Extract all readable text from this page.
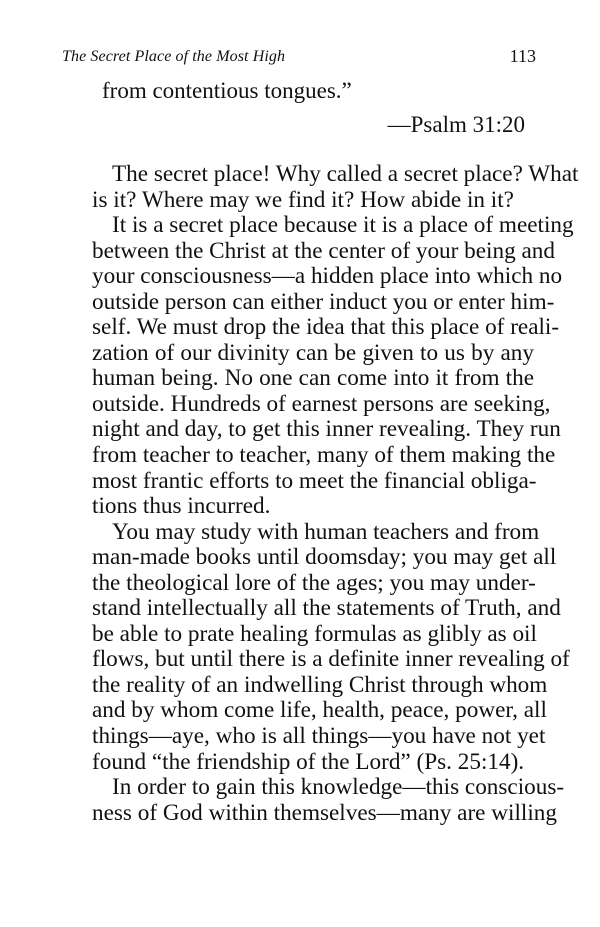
The Secret Place of the Most High	113
from contentious tongues.”
—Psalm 31:20

The secret place! Why called a secret place? What
is it? Where may we find it? How abide in it?

It is a secret place because it is a place of meeting
between the Christ at the center of your being and
your consciousness—a hidden place into which no
outside person can either induct you or enter him-
self. We must drop the idea that this place of reali-
zation of our divinity can be given to us by any
human being. No one can come into it from the
outside. Hundreds of earnest persons are seeking,
night and day, to get this inner revealing. They run
from teacher to teacher, many of them making the
most frantic efforts to meet the financial obliga-
tions thus incurred.

You may study with human teachers and from
man-made books until doomsday; you may get all
the theological lore of the ages; you may under-
stand intellectually all the statements of Truth, and
be able to prate healing formulas as glibly as oil
flows, but until there is a definite inner revealing of
the reality of an indwelling Christ through whom
and by whom come life, health, peace, power, all
things—aye, who is all things—you have not yet
found “the friendship of the Lord” (Ps. 25:14).

In order to gain this knowledge—this conscious-
ness of God within themselves—many are willing
